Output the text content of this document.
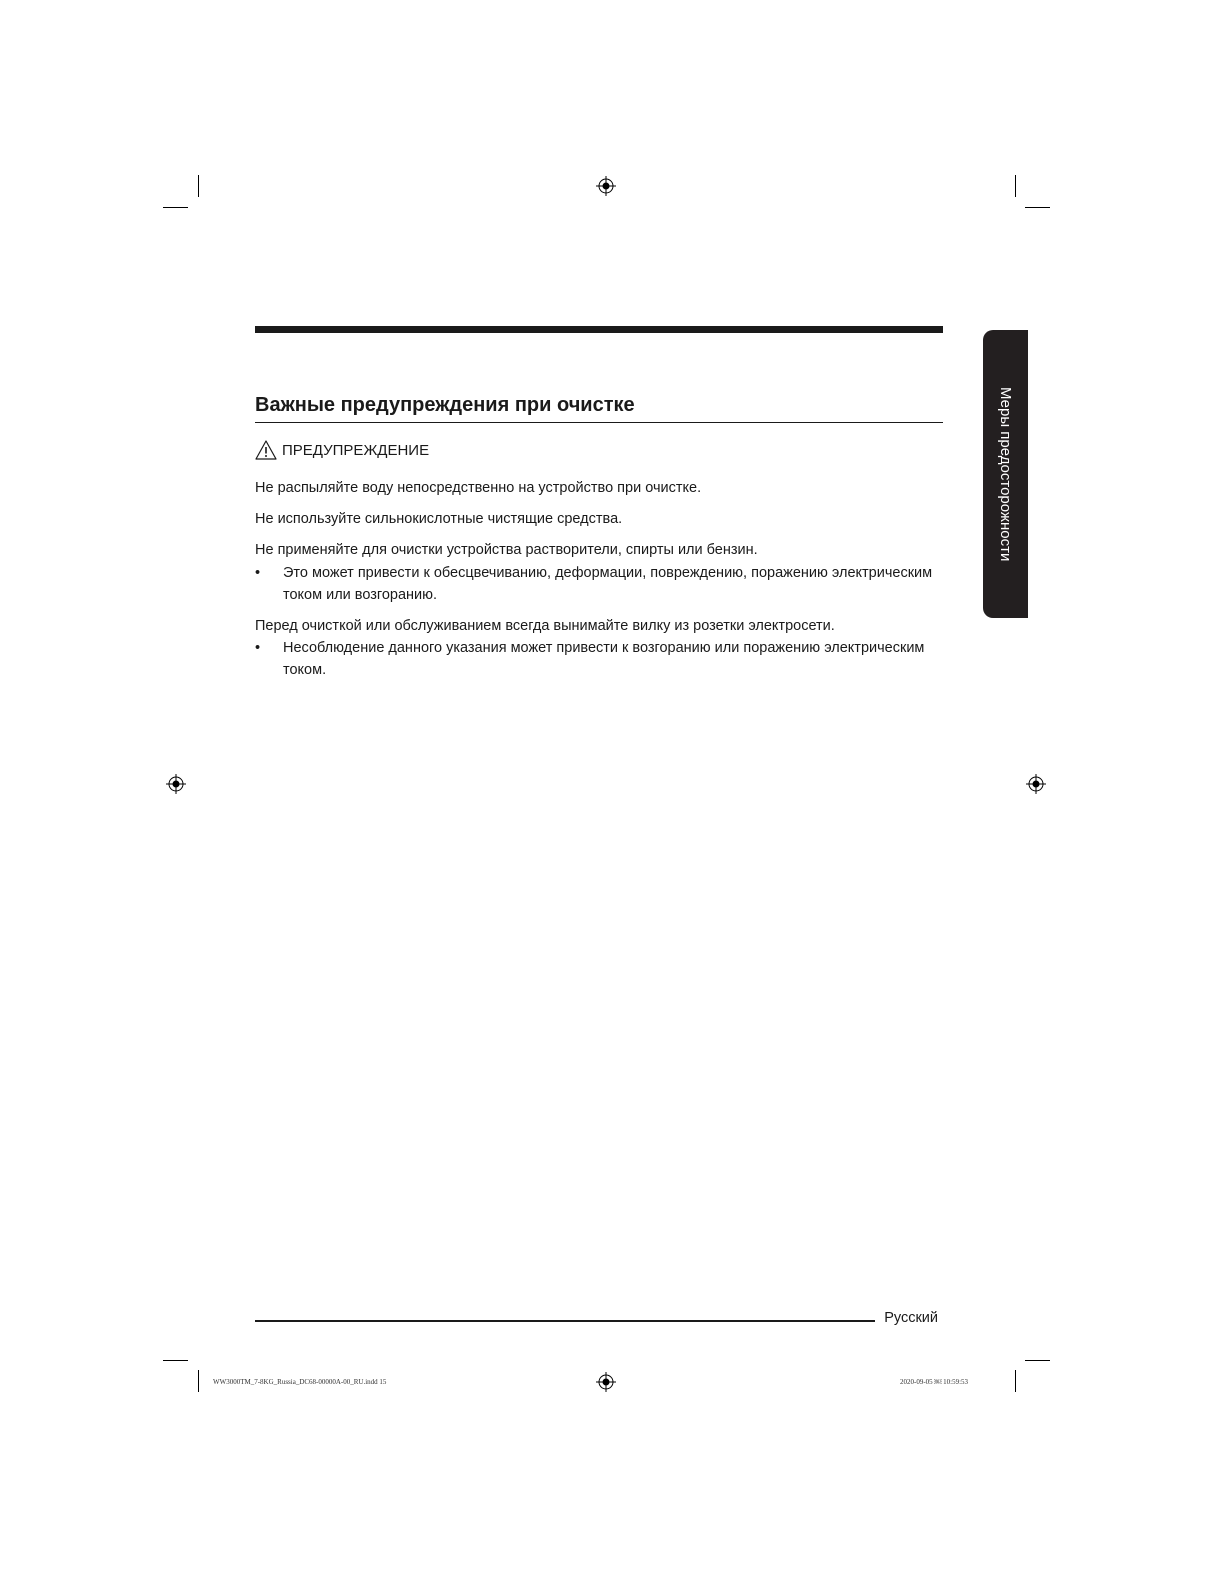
Важные предупреждения при очистке
ПРЕДУПРЕЖДЕНИЕ
Не распыляйте воду непосредственно на устройство при очистке.
Не используйте сильнокислотные чистящие средства.
Не применяйте для очистки устройства растворители, спирты или бензин.
• Это может привести к обесцвечиванию, деформации, повреждению, поражению электрическим током или возгоранию.
Перед очисткой или обслуживанием всегда вынимайте вилку из розетки электросети.
• Несоблюдение данного указания может привести к возгоранию или поражению электрическим током.
Меры предосторожности
Русский
WW3000TM_7-8KG_Russia_DC68-00000A-00_RU.indd 15	2020-09-05 ￼ 10:59:53
